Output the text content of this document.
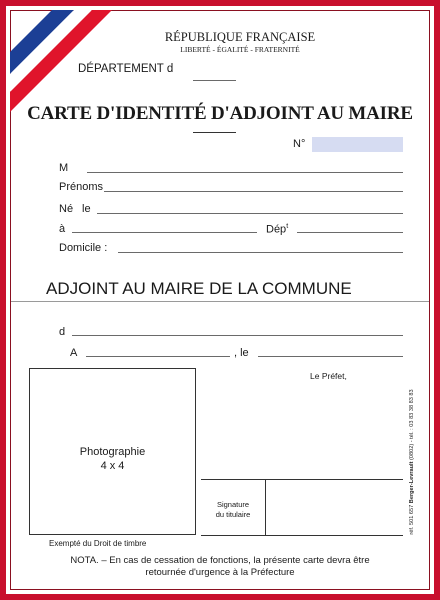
RÉPUBLIQUE FRANÇAISE
LIBERTÉ - ÉGALITÉ - FRATERNITÉ
DÉPARTEMENT d
CARTE D'IDENTITÉ D'ADJOINT AU MAIRE
N°
M
Prénoms
Né le
à	Dép$^t$
Domicile :
ADJOINT AU MAIRE DE LA COMMUNE
d
A	, le
Le Préfet,
Photographie
4 x 4
Signature
du titulaire
Exempté du Droit de timbre
NOTA. – En cas de cessation de fonctions, la présente carte devra être
retournée d'urgence à la Préfecture
réf. 501 657 Berger-Levrault (0802) - tél. : 03 83 38 83 83
